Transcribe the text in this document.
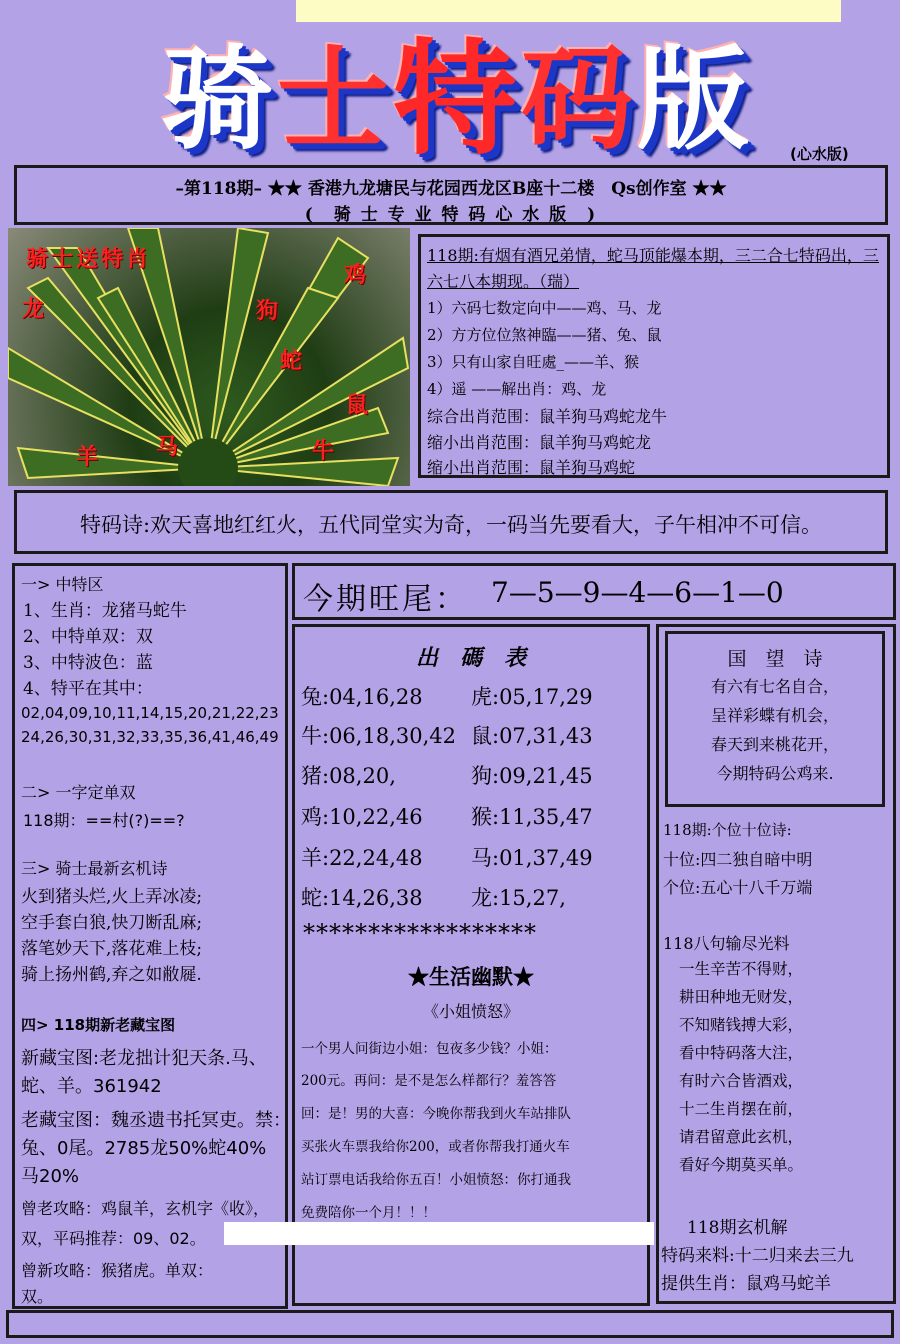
骑 士 特 码 版	(心水版)
–第118期– ★★ 香港九龙塘民与花园西龙区B座十二楼　Qs创作室 ★★
(　骑 士 专 业 特 码 心 水 版　)
骑士送特肖
鸡
龙	狗
蛇
鼠
羊	马	牛
118期:有烟有酒兄弟情，蛇马顶能爆本期，三二合七特码出，三六七八本期现。（瑞）
1）六码七数定向中——鸡、马、龙
2）方方位位煞神臨——猪、兔、鼠
3）只有山家自旺處_——羊、猴
4）遥 ——解出肖：鸡、龙
综合出肖范围：鼠羊狗马鸡蛇龙牛
缩小出肖范围：鼠羊狗马鸡蛇龙
缩小出肖范围：鼠羊狗马鸡蛇
特码诗:欢天喜地红红火，五代同堂实为奇，一码当先要看大，子午相冲不可信。
一> 中特区
1、生肖：龙猪马蛇牛
2、中特单双：双
3、中特波色：蓝
4、特平在其中：
02,04,09,10,11,14,15,20,21,22,23
24,26,30,31,32,33,35,36,41,46,49
二> 一字定单双
118期：==村(?)==?
三> 骑士最新玄机诗
火到猪头烂,火上弄冰凌;
空手套白狼,快刀断乱麻;
落笔妙天下,落花难上枝;
骑上扬州鹤,弃之如敝屣.
四> 118期新老藏宝图
新藏宝图:老龙拙计犯天条.马、
蛇、羊。361942
老藏宝图：魏丞遗书托冥吏。禁：
兔、0尾。2785龙50%蛇40%
马20%
曾老攻略：鸡鼠羊，玄机字《收》，
双，平码推荐：09、02。
曾新攻略：猴猪虎。单双：
双。
今期旺尾： 7—5—9—4—6—1—0
出　碼　表
兔:04,16,28 虎:05,17,29
牛:06,18,30,42 鼠:07,31,43
猪:08,20,	狗:09,21,45
鸡:10,22,46 猴:11,35,47
羊:22,24,48 马:01,37,49
蛇:14,26,38 龙:15,27,
******************
★生活幽默★
《小姐愤怒》
一个男人问街边小姐：包夜多少钱？小姐：
200元。再问：是不是怎么样都行？羞答答
回：是！男的大喜：今晚你帮我到火车站排队
买张火车票我给你200，或者你帮我打通火车
站订票电话我给你五百！小姐愤怒：你打通我
免费陪你一个月！！！
国　望　诗
有六有七名自合，
呈祥彩蝶有机会，
春天到来桃花开，
今期特码公鸡来.
118期:个位十位诗:
十位:四二独自暗中明
个位:五心十八千万端
118八句输尽光料
一生辛苦不得财，
耕田种地无财发，
不知赌钱搏大彩，
看中特码落大注，
有时六合皆酒戏，
十二生肖摆在前，
请君留意此玄机，
看好今期莫买单。
118期玄机解
特码来料:十二归来去三九
提供生肖：鼠鸡马蛇羊
